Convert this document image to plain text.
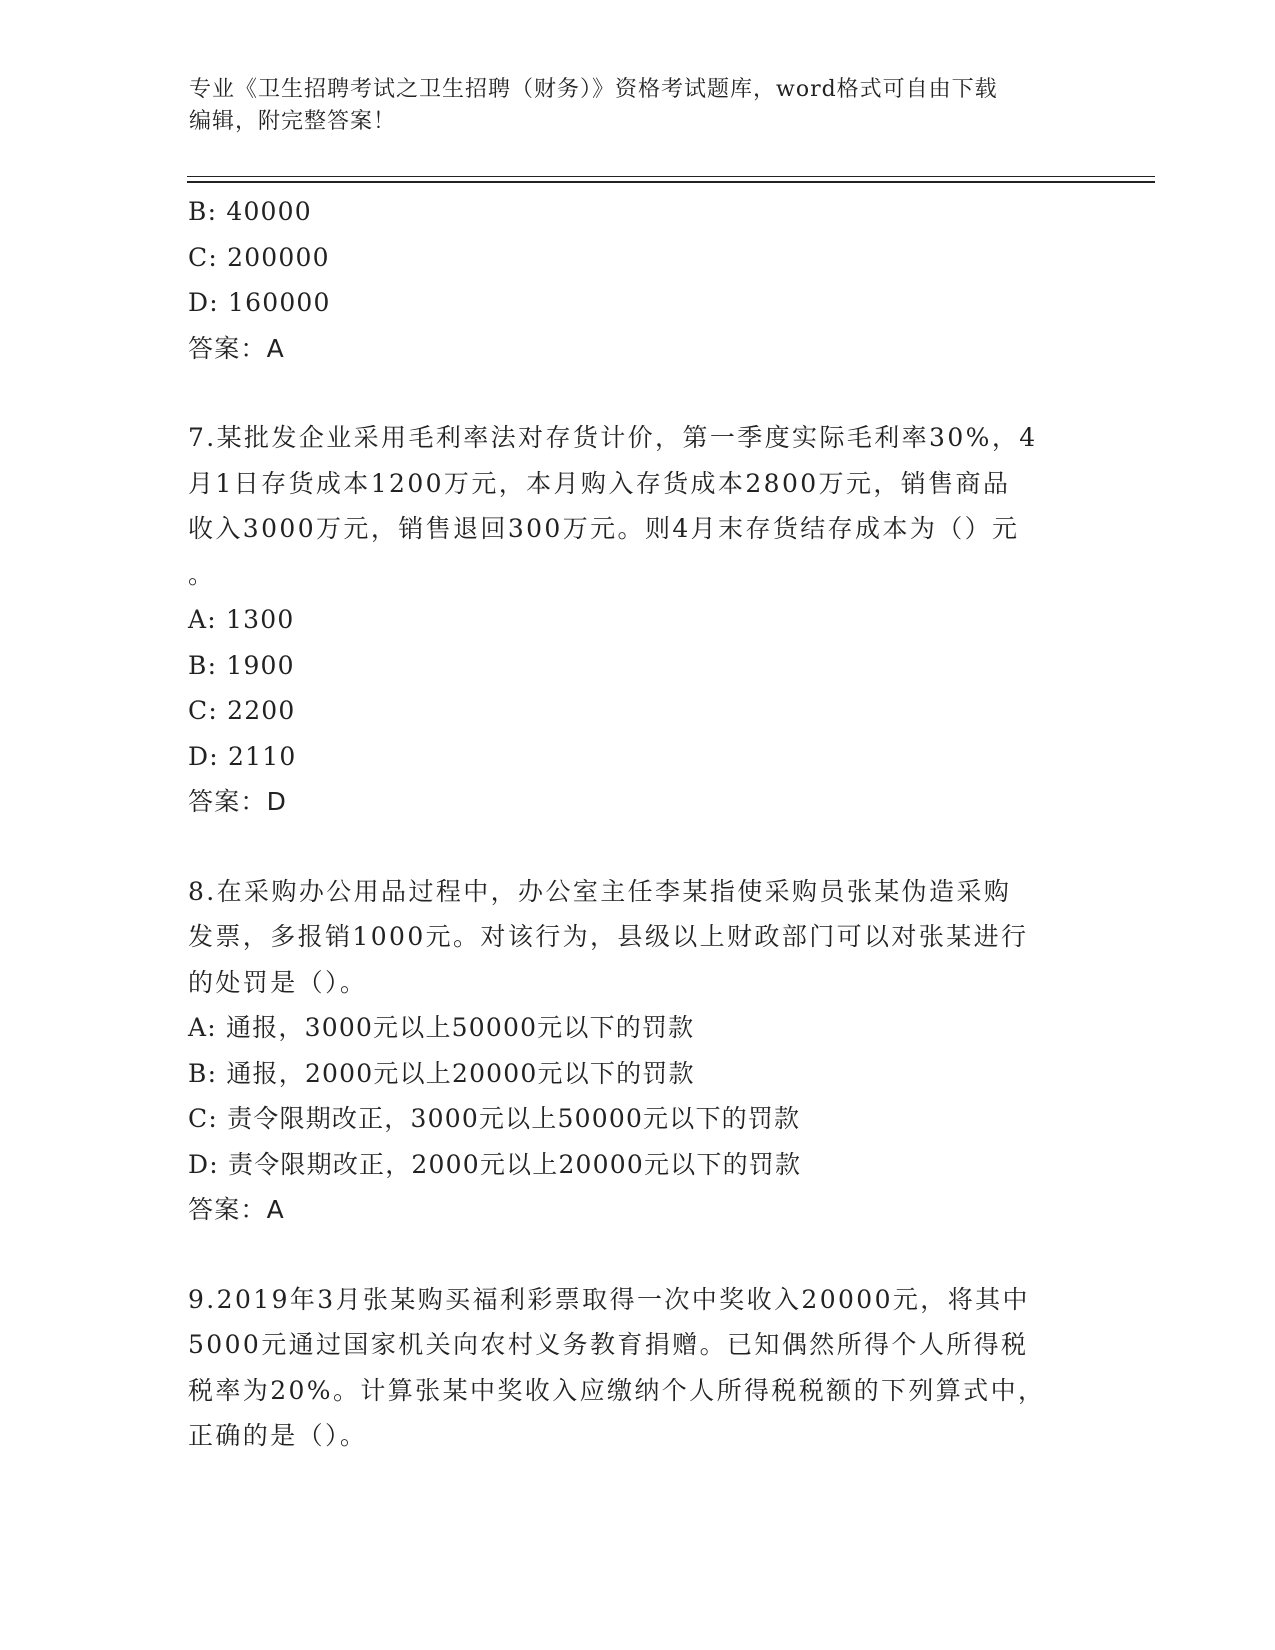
专业《卫生招聘考试之卫生招聘（财务）》资格考试题库，word格式可自由下载
编辑，附完整答案！
B: 40000
C: 200000
D: 160000
答案：A
7.某批发企业采用毛利率法对存货计价，第一季度实际毛利率30%，4
月1日存货成本1200万元，本月购入存货成本2800万元，销售商品
收入3000万元，销售退回300万元。则4月末存货结存成本为（）元
。
A: 1300
B: 1900
C: 2200
D: 2110
答案：D
8.在采购办公用品过程中，办公室主任李某指使采购员张某伪造采购
发票，多报销1000元。对该行为，县级以上财政部门可以对张某进行
的处罚是（）。
A: 通报，3000元以上50000元以下的罚款
B: 通报，2000元以上20000元以下的罚款
C: 责令限期改正，3000元以上50000元以下的罚款
D: 责令限期改正，2000元以上20000元以下的罚款
答案：A
9.2019年3月张某购买福利彩票取得一次中奖收入20000元，将其中
5000元通过国家机关向农村义务教育捐赠。已知偶然所得个人所得税
税率为20%。计算张某中奖收入应缴纳个人所得税税额的下列算式中，
正确的是（）。
